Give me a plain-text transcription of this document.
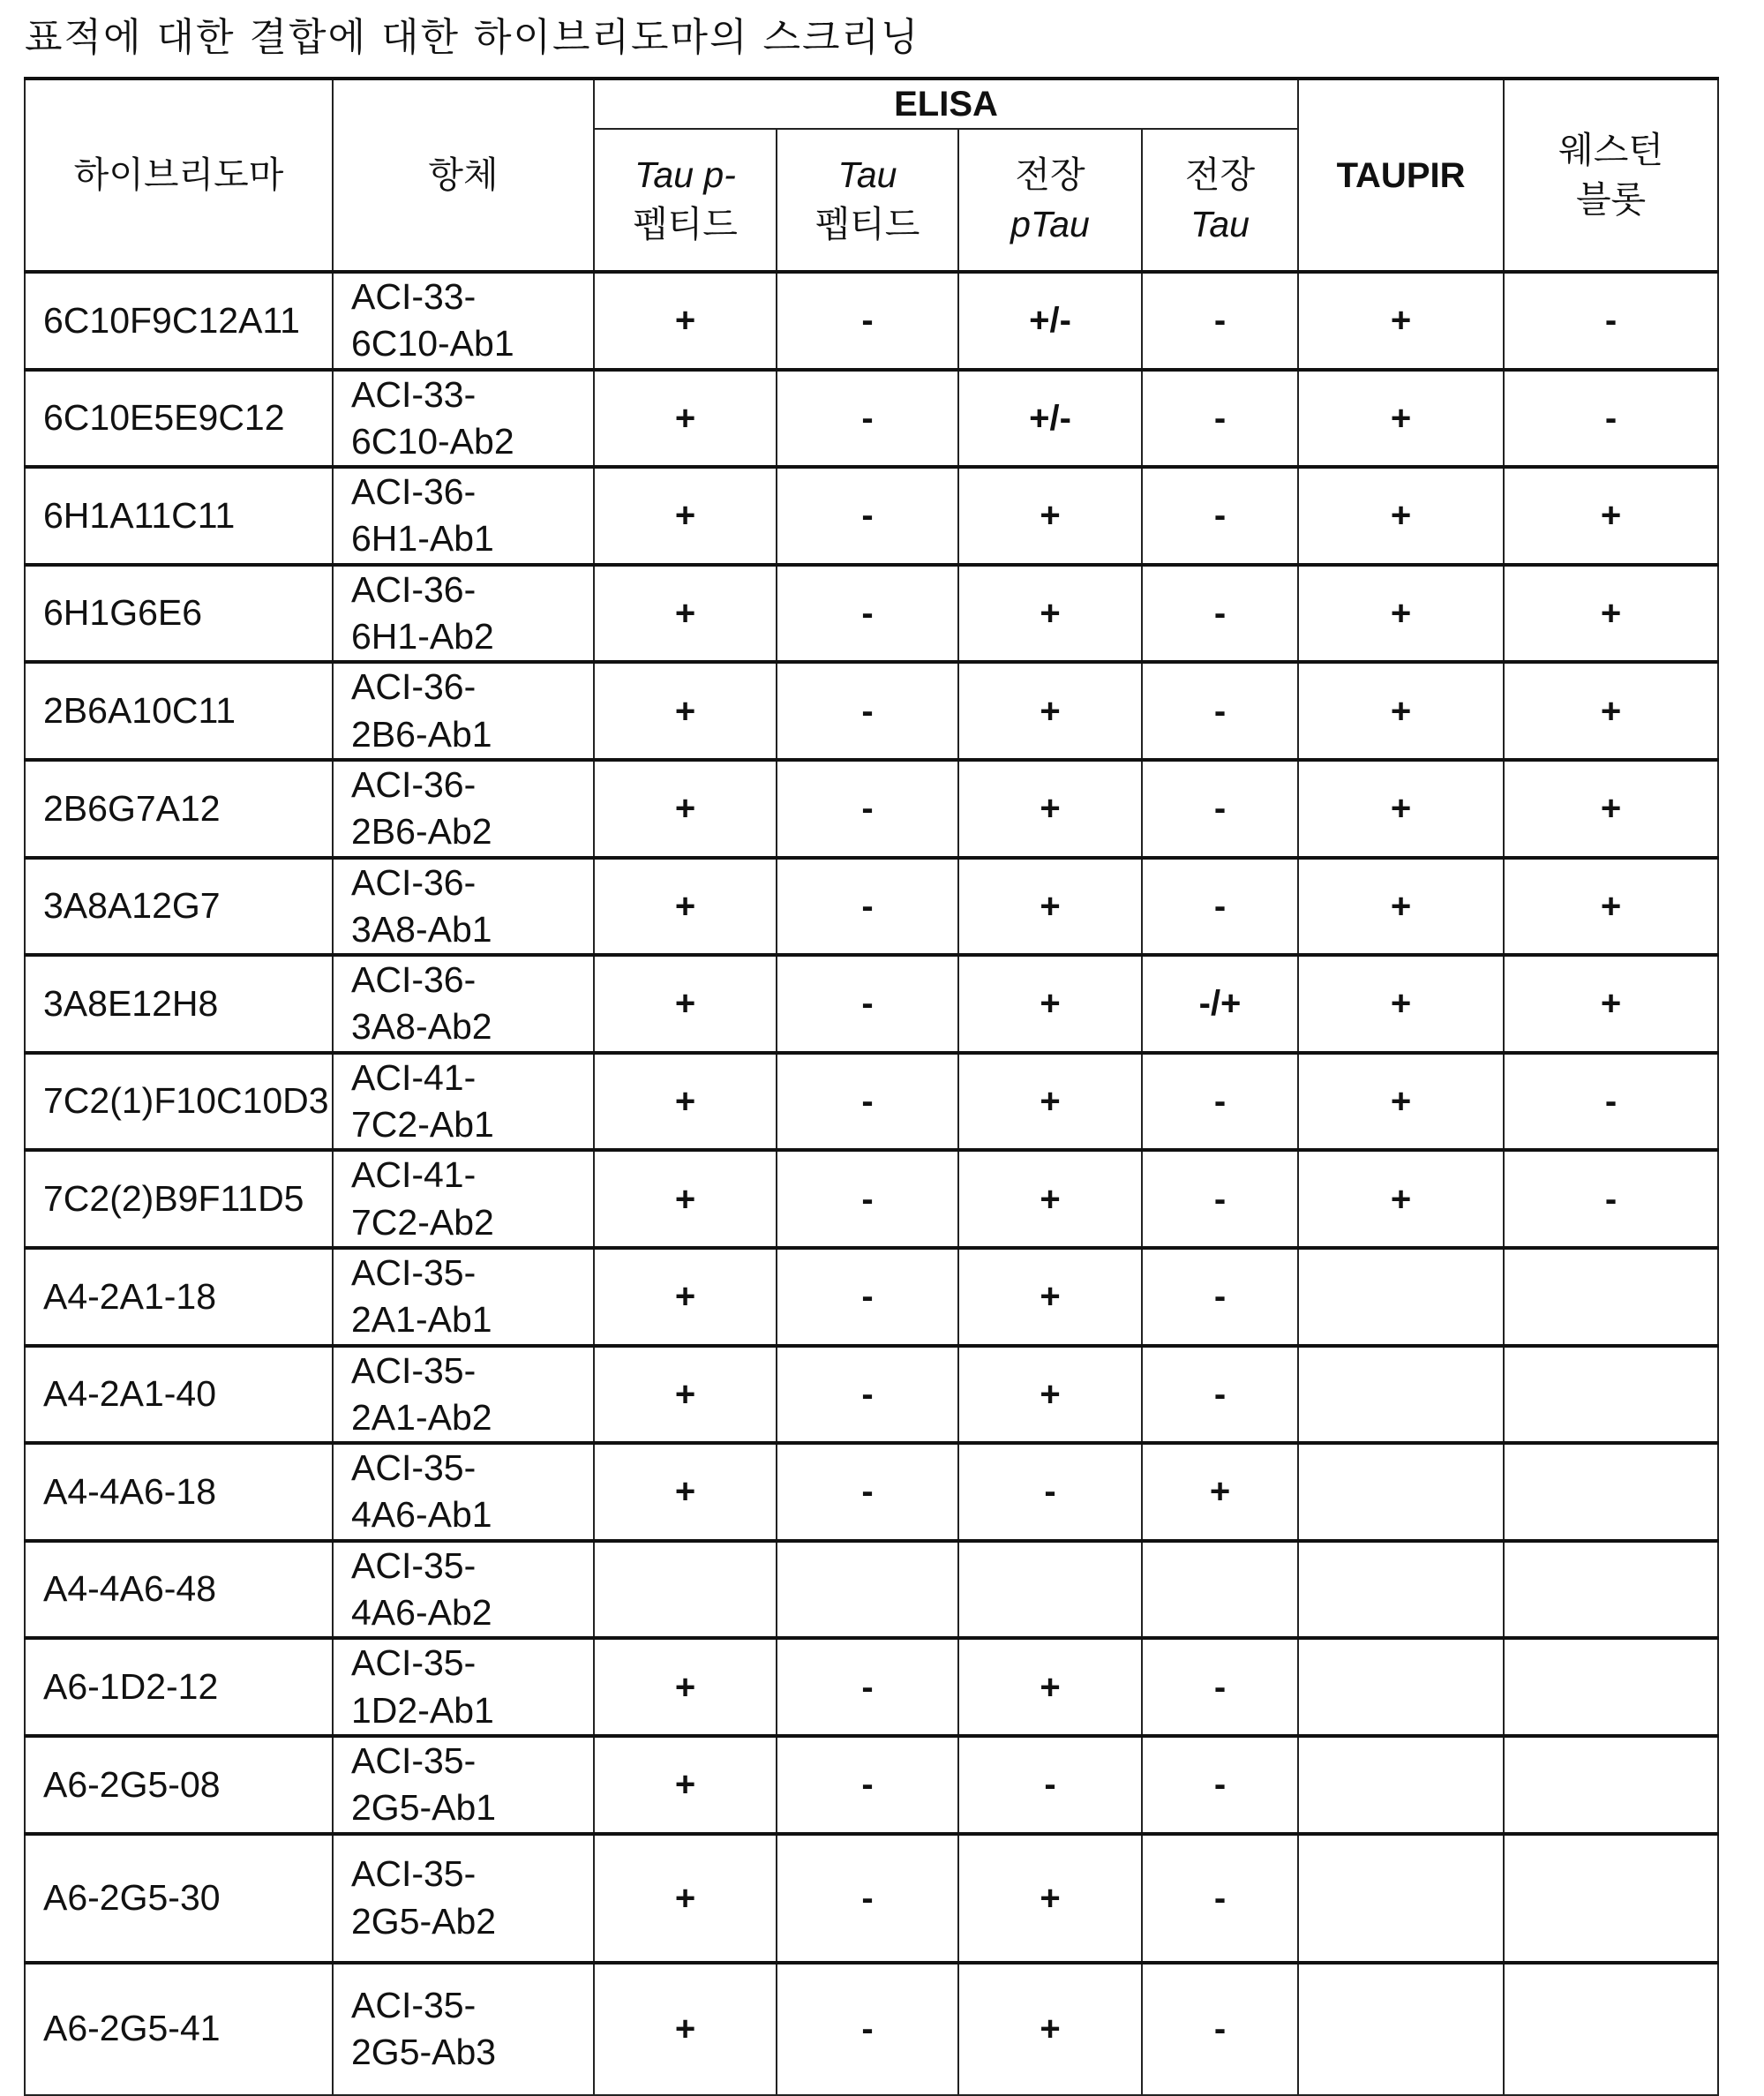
표적에 대한 결합에 대한 하이브리도마의 스크리닝
하이브리도마	항체	ELISA	TAUPIR	웨스턴
블롯
Tau p-
펩티드	Tau
펩티드	전장
pTau	전장
Tau
6C10F9C12A11	ACI-33-
6C10-Ab1	+	-	+/-	-	+	-
6C10E5E9C12	ACI-33-
6C10-Ab2	+	-	+/-	-	+	-
6H1A11C11	ACI-36-
6H1-Ab1	+	-	+	-	+	+
6H1G6E6	ACI-36-
6H1-Ab2	+	-	+	-	+	+
2B6A10C11	ACI-36-
2B6-Ab1	+	-	+	-	+	+
2B6G7A12	ACI-36-
2B6-Ab2	+	-	+	-	+	+
3A8A12G7	ACI-36-
3A8-Ab1	+	-	+	-	+	+
3A8E12H8	ACI-36-
3A8-Ab2	+	-	+	-/+	+	+
7C2(1)F10C10D3	ACI-41-
7C2-Ab1	+	-	+	-	+	-
7C2(2)B9F11D5	ACI-41-
7C2-Ab2	+	-	+	-	+	-
A4-2A1-18	ACI-35-
2A1-Ab1	+	-	+	-		
A4-2A1-40	ACI-35-
2A1-Ab2	+	-	+	-		
A4-4A6-18	ACI-35-
4A6-Ab1	+	-	-	+		
A4-4A6-48	ACI-35-
4A6-Ab2						
A6-1D2-12	ACI-35-
1D2-Ab1	+	-	+	-		
A6-2G5-08	ACI-35-
2G5-Ab1	+	-	-	-		
A6-2G5-30	ACI-35-
2G5-Ab2	+	-	+	-		
A6-2G5-41	ACI-35-
2G5-Ab3	+	-	+	-		
